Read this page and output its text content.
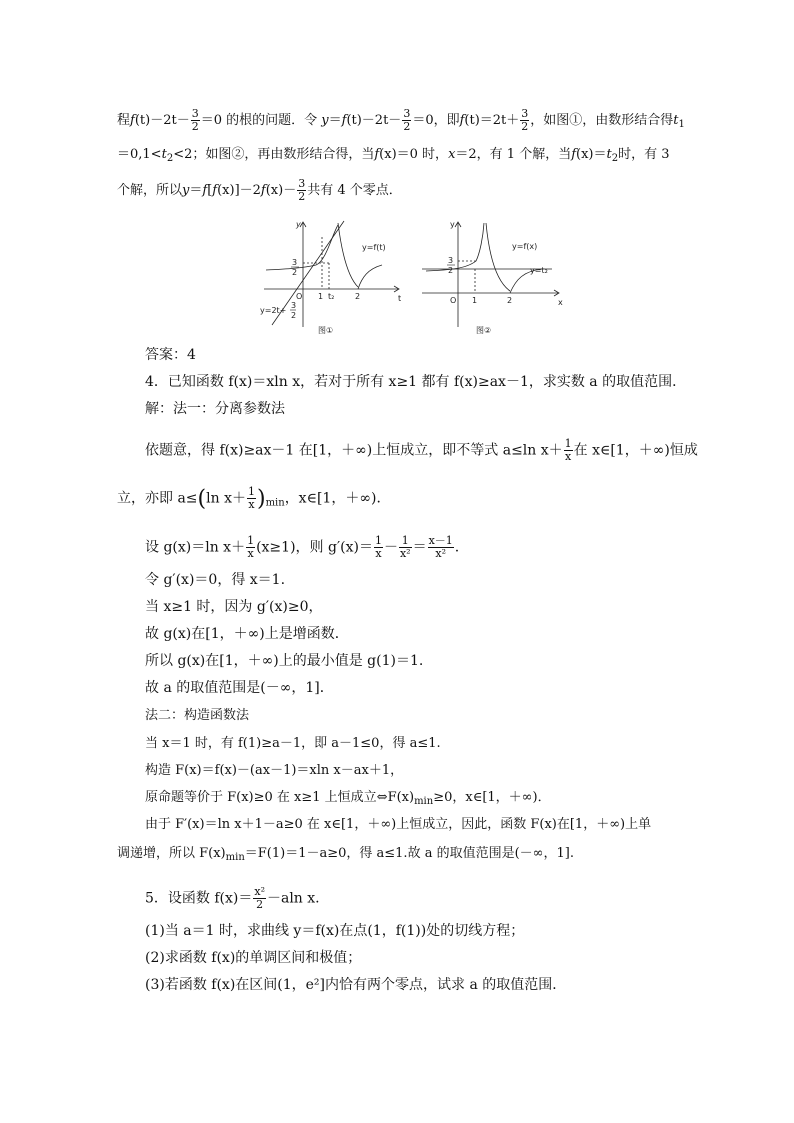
程$f(t)-2t- \frac{3}{2} =0$ 的根的问题．令 $y=f(t)-2t- \frac{3}{2} =0$，即$f(t)=2t+ \frac{3}{2}$ ，如图①，由数形结合得$t_1$
$=0,1<t_2<2$；如图②，再由数形结合得，当f(x)＝0 时，x＝2，有 1 个解，当$f(x)=t_2$时，有 3
个解，所以$y=f[f(x)]-2f(x)- \frac{3}{2}$ 共有 4 个零点．
y
t
O
3
2
1 t₂	2
y=f(t)
y=2t+
3
2
图①
y
x
O
3
2
1	2
y=f(x)
y=t₂
图②
答案：4
4．已知函数 f(x)＝xln x，若对于所有 x≥1 都有 f(x)≥ax－1，求实数 a 的取值范围．
解：法一：分离参数法
依题意，得 f(x)≥ax－1 在[1，＋∞)上恒成立，即不等式 a≤ln $x+ \frac{1}{x}$ 在 x∈[1，＋∞)恒成
立，亦即 a≤(ln $x+ \frac{1}{x} )_{min}$，x∈[1，＋∞)．
设 g(x)＝ln $x+ \frac{1}{x} (x\ge 1)$，则 $g'(x)= \frac{1}{x} - \frac{1}{\text{x²}} = \frac{x-1}{\text{x²}}$ .
令 g′(x)＝0，得 x＝1.
当 x≥1 时，因为 g′(x)≥0，
故 g(x)在[1，＋∞)上是增函数．
所以 g(x)在[1，＋∞)上的最小值是 g(1)＝1.
故 a 的取值范围是(－∞，1]．
法二：构造函数法
当 x＝1 时，有 f(1)≥a－1，即 a－1≤0，得 a≤1.
构造 F(x)＝f(x)－(ax－1)＝xln x－ax＋1，
原命题等价于 F(x)≥0 在 x≥1 上恒成立$\Leftrightarrow F(x)_{min}\ge 0$，x∈[1，＋∞)．
由于 F′(x)＝ln x＋1－a≥0 在 x∈[1，＋∞)上恒成立，因此，函数 F(x)在[1，＋∞)上单
调递增，所以 $F(x)_{min}=F(1)=1-a\ge 0$，得 a≤1.故 a 的取值范围是(－∞，1].
5．设函数 $f(x)= \frac{\text{x²}}{2} -aln$ x.
(1)当 a＝1 时，求曲线 y＝f(x)在点(1，f(1))处的切线方程；
(2)求函数 f(x)的单调区间和极值；
(3)若函数 f(x)在区间(1，e²]内恰有两个零点，试求 a 的取值范围．
